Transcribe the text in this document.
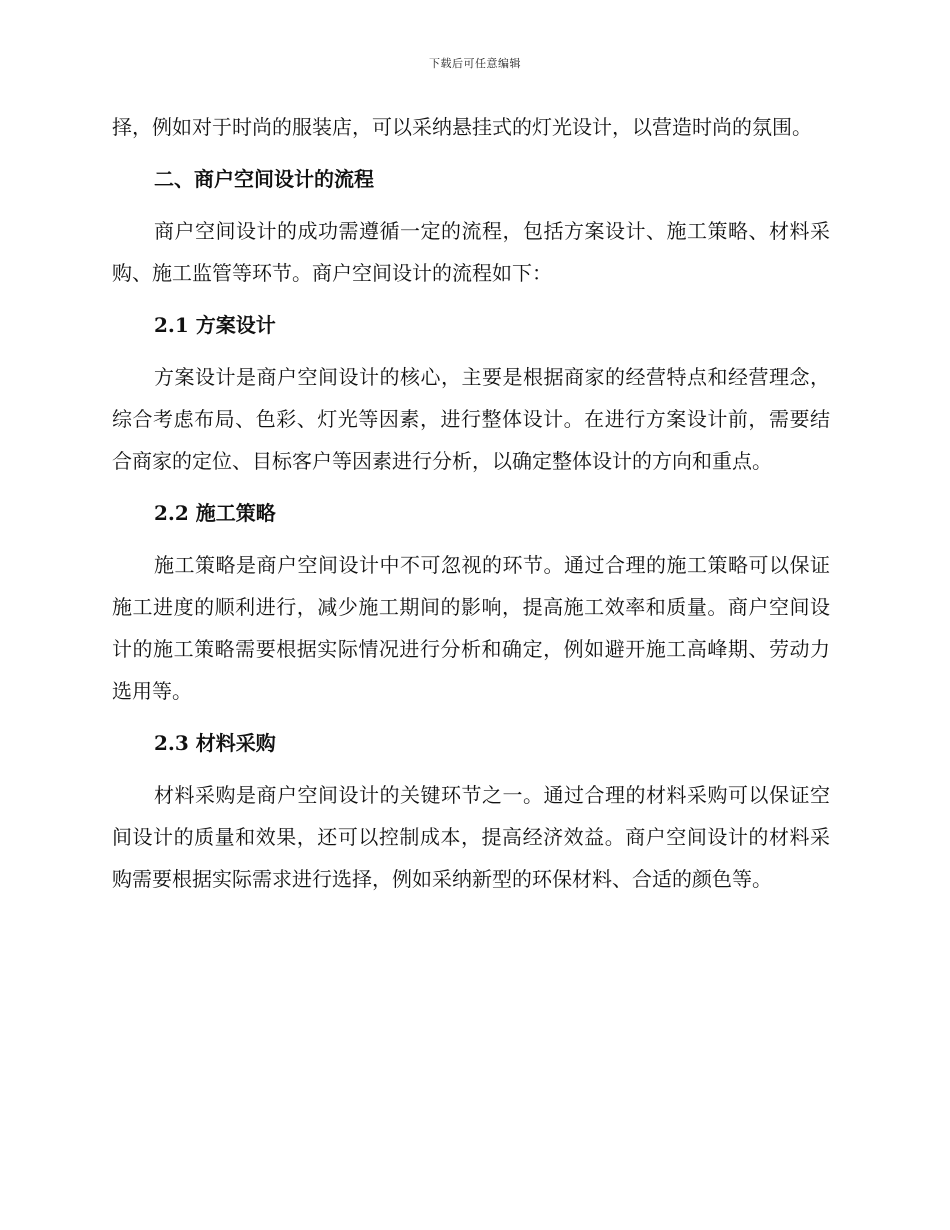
下载后可任意编辑

择，例如对于时尚的服装店，可以采纳悬挂式的灯光设计，以营造时尚的氛围。

二、商户空间设计的流程

商户空间设计的成功需遵循一定的流程，包括方案设计、施工策略、材料采购、施工监管等环节。商户空间设计的流程如下：

2.1 方案设计

方案设计是商户空间设计的核心，主要是根据商家的经营特点和经营理念，综合考虑布局、色彩、灯光等因素，进行整体设计。在进行方案设计前，需要结合商家的定位、目标客户等因素进行分析，以确定整体设计的方向和重点。

2.2 施工策略

施工策略是商户空间设计中不可忽视的环节。通过合理的施工策略可以保证施工进度的顺利进行，减少施工期间的影响，提高施工效率和质量。商户空间设计的施工策略需要根据实际情况进行分析和确定，例如避开施工高峰期、劳动力选用等。

2.3 材料采购

材料采购是商户空间设计的关键环节之一。通过合理的材料采购可以保证空间设计的质量和效果，还可以控制成本，提高经济效益。商户空间设计的材料采购需要根据实际需求进行选择，例如采纳新型的环保材料、合适的颜色等。
